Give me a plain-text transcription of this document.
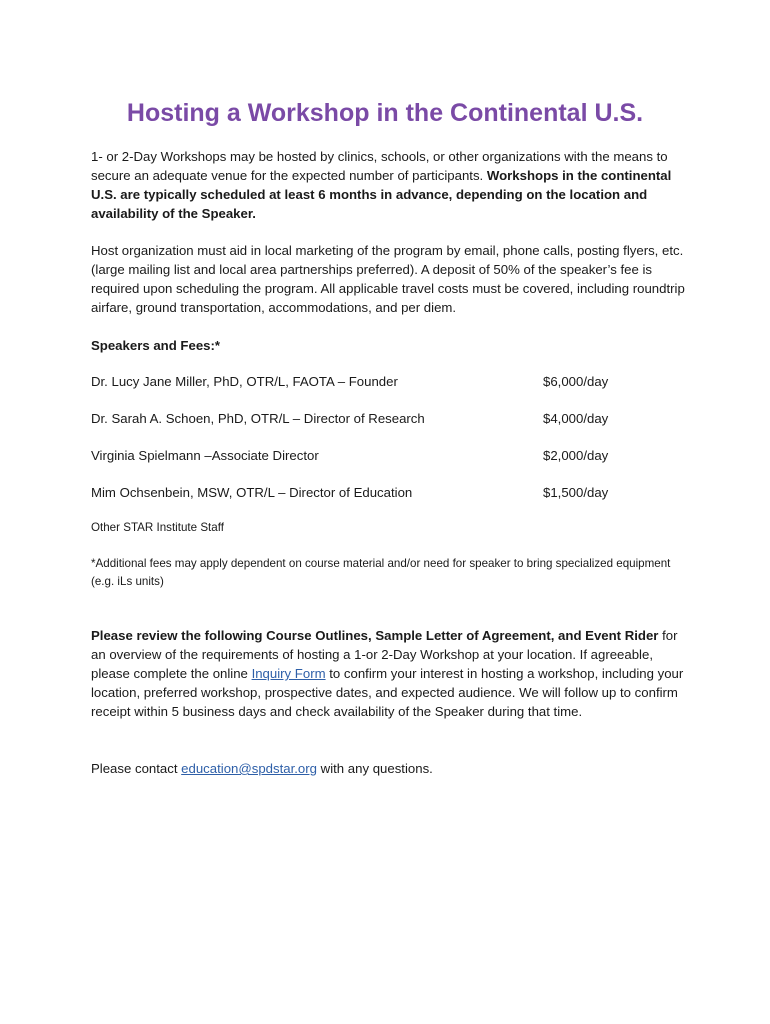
Hosting a Workshop in the Continental U.S.

1- or 2-Day Workshops may be hosted by clinics, schools, or other organizations with the means to secure an adequate venue for the expected number of participants. Workshops in the continental U.S. are typically scheduled at least 6 months in advance, depending on the location and availability of the Speaker.

Host organization must aid in local marketing of the program by email, phone calls, posting flyers, etc. (large mailing list and local area partnerships preferred). A deposit of 50% of the speaker’s fee is required upon scheduling the program. All applicable travel costs must be covered, including roundtrip airfare, ground transportation, accommodations, and per diem.

Speakers and Fees:*

Dr. Lucy Jane Miller, PhD, OTR/L, FAOTA – Founder	$6,000/day
Dr. Sarah A. Schoen, PhD, OTR/L – Director of Research	$4,000/day
Virginia Spielmann –Associate Director	$2,000/day
Mim Ochsenbein, MSW, OTR/L – Director of Education	$1,500/day

Other STAR Institute Staff

*Additional fees may apply dependent on course material and/or need for speaker to bring specialized equipment (e.g. iLs units)

Please review the following Course Outlines, Sample Letter of Agreement, and Event Rider for an overview of the requirements of hosting a 1-or 2-Day Workshop at your location. If agreeable, please complete the online Inquiry Form to confirm your interest in hosting a workshop, including your location, preferred workshop, prospective dates, and expected audience. We will follow up to confirm receipt within 5 business days and check availability of the Speaker during that time.

Please contact education@spdstar.org with any questions.
